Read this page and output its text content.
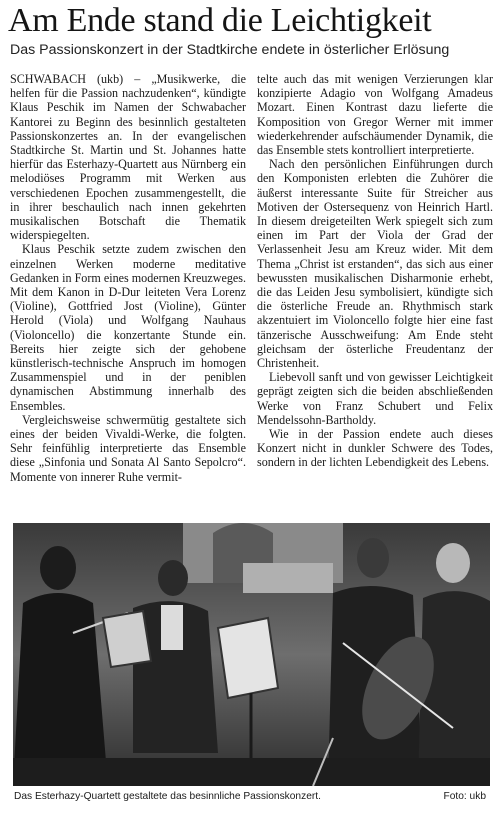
Am Ende stand die Leichtigkeit
Das Passionskonzert in der Stadtkirche endete in österlicher Erlösung

SCHWABACH (ukb) – „Musikwerke, die helfen für die Passion nachzudenken“, kündigte Klaus Peschik im Namen der Schwabacher Kantorei zu Beginn des besinnlich gestalteten Passionskonzertes an. In der evangelischen Stadtkirche St. Martin und St. Johannes hatte hierfür das Esterhazy-Quartett aus Nürnberg ein melodiöses Programm mit Werken aus verschiedenen Epochen zusammengestellt, die in ihrer beschaulich nach innen gekehrten musikalischen Botschaft die Thematik widerspiegelten.

Klaus Peschik setzte zudem zwischen den einzelnen Werken moderne meditative Gedanken in Form eines modernen Kreuzweges. Mit dem Kanon in D-Dur leiteten Vera Lorenz (Violine), Gottfried Jost (Violine), Günter Herold (Viola) und Wolfgang Nauhaus (Violoncello) die konzertante Stunde ein. Bereits hier zeigte sich der gehobene künstlerisch-technische Anspruch im homogen Zusammenspiel und in der peniblen dynamischen Abstimmung innerhalb des Ensembles.

Vergleichsweise schwermütig gestaltete sich eines der beiden Vivaldi-Werke, die folgten. Sehr feinfühlig interpretierte das Ensemble diese „Sinfonia und Sonata Al Santo Sepolcro“. Momente von innerer Ruhe vermit-

telte auch das mit wenigen Verzierungen klar konzipierte Adagio von Wolfgang Amadeus Mozart. Einen Kontrast dazu lieferte die Komposition von Gregor Werner mit immer wiederkehrender aufschäumender Dynamik, die das Ensemble stets kontrolliert interpretierte.

Nach den persönlichen Einführungen durch den Komponisten erlebten die Zuhörer die äußerst interessante Suite für Streicher aus Motiven der Ostersequenz von Heinrich Hartl. In diesem dreigeteilten Werk spiegelt sich zum einen im Part der Viola der Grad der Verlassenheit Jesu am Kreuz wider. Mit dem Thema „Christ ist erstanden“, das sich aus einer bewussten musikalischen Disharmonie erhebt, die das Leiden Jesu symbolisiert, kündigte sich die österliche Freude an. Rhythmisch stark akzentuiert im Violoncello folgte hier eine fast tänzerische Ausschweifung: Am Ende steht gleichsam der österliche Freudentanz der Christenheit.

Liebevoll sanft und von gewisser Leichtigkeit geprägt zeigten sich die beiden abschließenden Werke von Franz Schubert und Felix Mendelssohn-Bartholdy.

Wie in der Passion endete auch dieses Konzert nicht in dunkler Schwere des Todes, sondern in der lichten Lebendigkeit des Lebens.

Das Esterhazy-Quartett gestaltete das besinnliche Passionskonzert.	Foto: ukb
